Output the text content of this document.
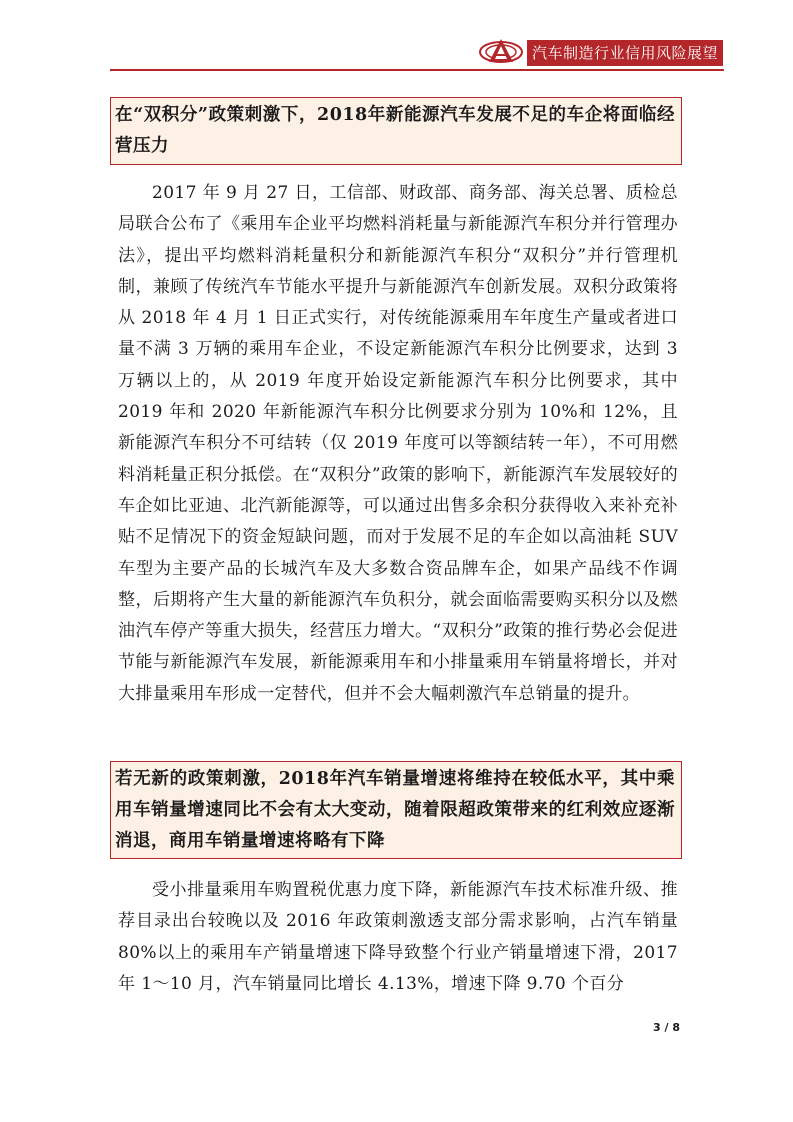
汽车制造行业信用风险展望
在“双积分”政策刺激下，2018年新能源汽车发展不足的车企将面临经营压力
2017 年 9 月 27 日，工信部、财政部、商务部、海关总署、质检总局联合公布了《乘用车企业平均燃料消耗量与新能源汽车积分并行管理办法》，提出平均燃料消耗量积分和新能源汽车积分“双积分”并行管理机制，兼顾了传统汽车节能水平提升与新能源汽车创新发展。双积分政策将从 2018 年 4 月 1 日正式实行，对传统能源乘用车年度生产量或者进口量不满 3 万辆的乘用车企业，不设定新能源汽车积分比例要求，达到 3 万辆以上的，从 2019 年度开始设定新能源汽车积分比例要求，其中 2019 年和 2020 年新能源汽车积分比例要求分别为 10%和 12%，且新能源汽车积分不可结转（仅 2019 年度可以等额结转一年），不可用燃料消耗量正积分抵偿。在“双积分”政策的影响下，新能源汽车发展较好的车企如比亚迪、北汽新能源等，可以通过出售多余积分获得收入来补充补贴不足情况下的资金短缺问题，而对于发展不足的车企如以高油耗 SUV 车型为主要产品的长城汽车及大多数合资品牌车企，如果产品线不作调整，后期将产生大量的新能源汽车负积分，就会面临需要购买积分以及燃油汽车停产等重大损失，经营压力增大。“双积分”政策的推行势必会促进节能与新能源汽车发展，新能源乘用车和小排量乘用车销量将增长，并对大排量乘用车形成一定替代，但并不会大幅刺激汽车总销量的提升。
若无新的政策刺激，2018年汽车销量增速将维持在较低水平，其中乘用车销量增速同比不会有太大变动，随着限超政策带来的红利效应逐渐消退，商用车销量增速将略有下降
受小排量乘用车购置税优惠力度下降，新能源汽车技术标准升级、推荐目录出台较晚以及 2016 年政策刺激透支部分需求影响，占汽车销量 80%以上的乘用车产销量增速下降导致整个行业产销量增速下滑，2017 年 1～10 月，汽车销量同比增长 4.13%，增速下降 9.70 个百分
3 / 8
